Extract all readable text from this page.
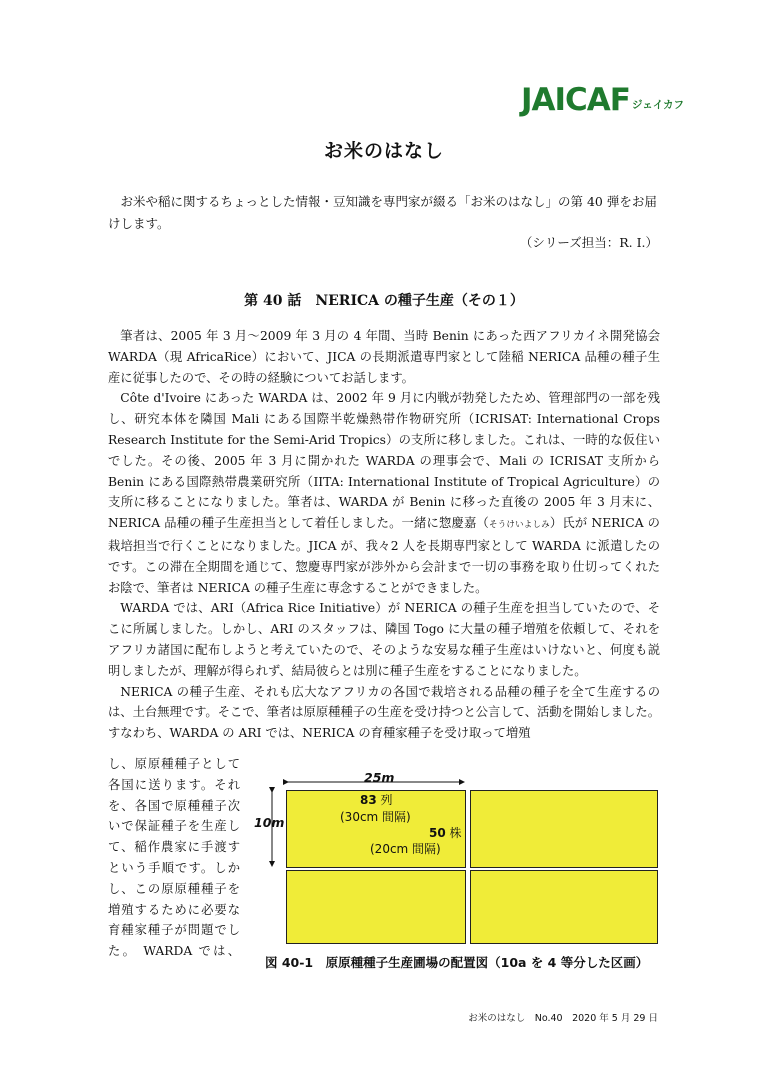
JAICAF ジェイカフ
お米のはなし

お米や稲に関するちょっとした情報・豆知識を専門家が綴る「お米のはなし」の第 40 弾をお届けします。

（シリーズ担当：R. I.）
第 40 話　NERICA の種子生産（その１）

筆者は、2005 年 3 月～2009 年 3 月の 4 年間、当時 Benin にあった西アフリカイネ開発協会 WARDA（現 AfricaRice）において、JICA の長期派遣専門家として陸稲 NERICA 品種の種子生産に従事したので、その時の経験についてお話します。

Côte d'Ivoire にあった WARDA は、2002 年 9 月に内戦が勃発したため、管理部門の一部を残し、研究本体を隣国 Mali にある国際半乾燥熱帯作物研究所（ICRISAT: International Crops Research Institute for the Semi-Arid Tropics）の支所に移しました。これは、一時的な仮住いでした。その後、2005 年 3 月に開かれた WARDA の理事会で、Mali の ICRISAT 支所から Benin にある国際熱帯農業研究所（IITA: International Institute of Tropical Agriculture）の支所に移ることになりました。筆者は、WARDA が Benin に移った直後の 2005 年 3 月末に、NERICA 品種の種子生産担当として着任しました。一緒に惣慶嘉（そうけいよしみ）氏が NERICA の栽培担当で行くことになりました。JICA が、我々2 人を長期専門家として WARDA に派遣したのです。この滞在全期間を通じて、惣慶専門家が渉外から会計まで一切の事務を取り仕切ってくれたお陰で、筆者は NERICA の種子生産に専念することができました。

WARDA では、ARI（Africa Rice Initiative）が NERICA の種子生産を担当していたので、そこに所属しました。しかし、ARI のスタッフは、隣国 Togo に大量の種子増殖を依頼して、それをアフリカ諸国に配布しようと考えていたので、そのような安易な種子生産はいけないと、何度も説明しましたが、理解が得られず、結局彼らとは別に種子生産をすることになりました。

NERICA の種子生産、それも広大なアフリカの各国で栽培される品種の種子を全て生産するのは、土台無理です。そこで、筆者は原原種種子の生産を受け持つと公言して、活動を開始しました。すなわち、WARDA の ARI では、NERICA の育種家種子を受け取って増殖

し、原原種種子として各国に送ります。それを、各国で原種種子次いで保証種子を生産して、稲作農家に手渡すという手順です。しかし、この原原種種子を増殖するために必要な育種家種子が問題でした。 WARDA では、

25m
10m
83 列
(30cm 間隔)
50 株
(20cm 間隔)
図 40-1　原原種種子生産圃場の配置図（10a を 4 等分した区画）
お米のはなし　No.40　2020 年 5 月 29 日
